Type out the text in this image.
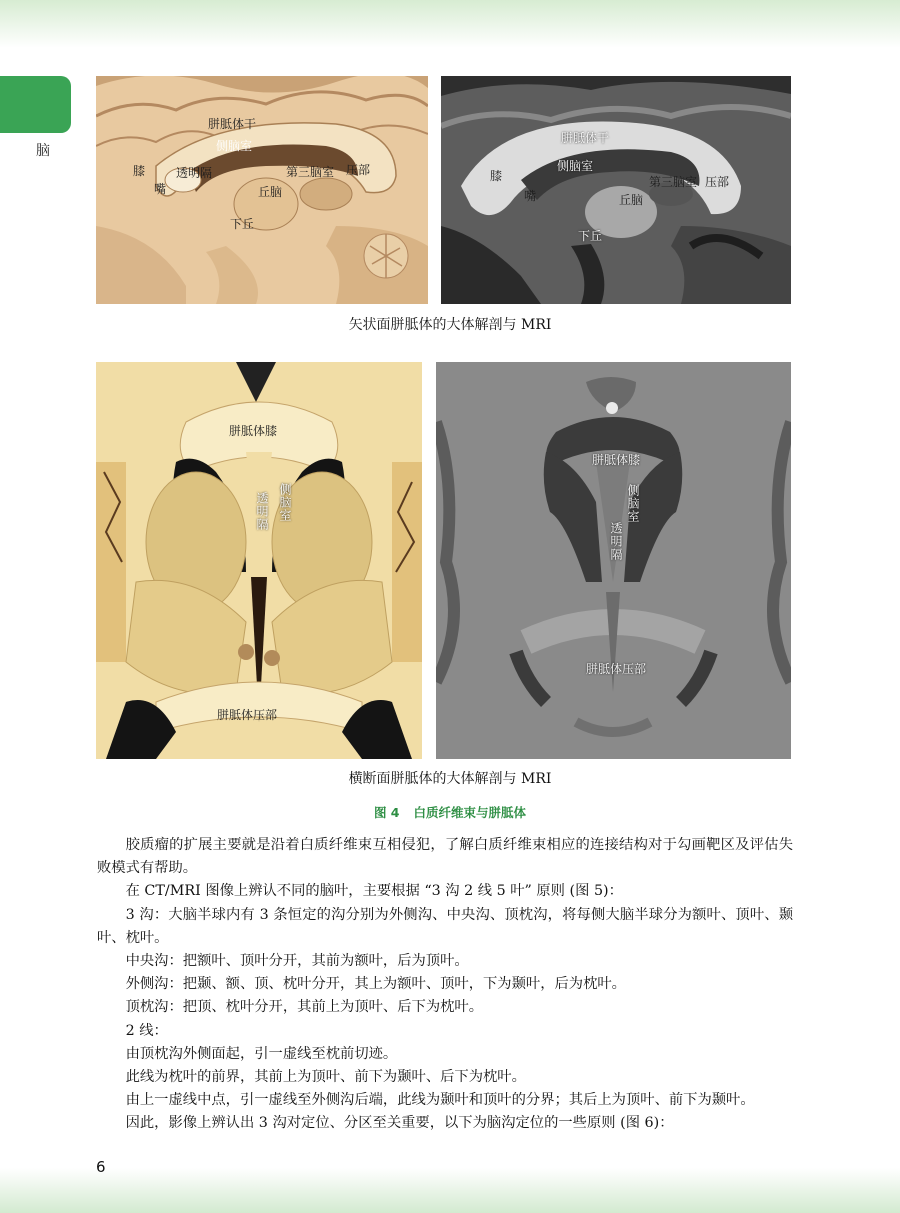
脑
胼胝体干
侧脑室
膝
嘴
透明隔	第三脑室 压部
丘脑
下丘
胼胝体干
侧脑室
膝
嘴
第三脑室 压部
丘脑
下丘
矢状面胼胝体的大体解剖与 MRI
胼胝体膝
透明隔 侧脑室
胼胝体压部
胼胝体膝
侧脑室
透明隔
胼胝体压部
横断面胼胝体的大体解剖与 MRI
图 4 白质纤维束与胼胝体

胶质瘤的扩展主要就是沿着白质纤维束互相侵犯，了解白质纤维束相应的连接结构对于勾画靶区及评估失败模式有帮助。

在 CT/MRI 图像上辨认不同的脑叶，主要根据 “3 沟 2 线 5 叶” 原则 (图 5)：

3 沟：大脑半球内有 3 条恒定的沟分别为外侧沟、中央沟、顶枕沟，将每侧大脑半球分为额叶、顶叶、颞叶、枕叶。

中央沟：把额叶、顶叶分开，其前为额叶，后为顶叶。

外侧沟：把颞、额、顶、枕叶分开，其上为额叶、顶叶，下为颞叶，后为枕叶。

顶枕沟：把顶、枕叶分开，其前上为顶叶、后下为枕叶。

2 线：

由顶枕沟外侧面起，引一虚线至枕前切迹。

此线为枕叶的前界，其前上为顶叶、前下为颞叶、后下为枕叶。

由上一虚线中点，引一虚线至外侧沟后端，此线为颞叶和顶叶的分界；其后上为顶叶、前下为颞叶。

因此，影像上辨认出 3 沟对定位、分区至关重要，以下为脑沟定位的一些原则 (图 6)：

6
